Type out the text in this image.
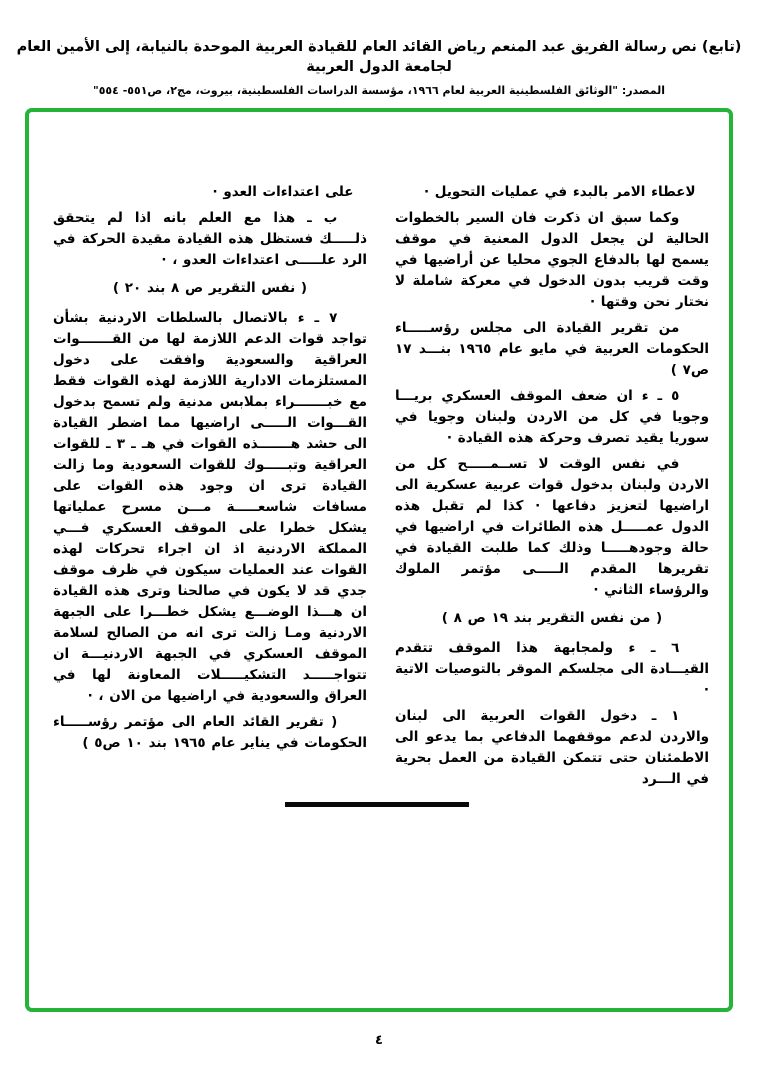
(تابع) نص رسالة الفريق عبد المنعم رياض القائد العام للقيادة العربية الموحدة بالنيابة، إلى الأمين العام لجامعة الدول العربية
المصدر: "الوثائق الفلسطينية العربية لعام ١٩٦٦، مؤسسة الدراسات الفلسطينية، بيروت، مج٢، ص٥٥١- ٥٥٤"

لاعطاء الامر بالبدء في عمليات التحويل ·

وكما سبق ان ذكرت فان السير بالخطوات الحالية لن يجعل الدول المعنية في موقف يسمح لها بالدفاع الجوي محليا عن أراضيها في وقت قريب بدون الدخول في معركة شاملة لا نختار نحن وقتها ·

من تقرير القيادة الى مجلس رؤســـــاء الحكومات العربية في مايو عام ١٩٦٥ بنـــد ١٧ ص٧ )

٥ ـ ء ان ضعف الموقف العسكري بريـــا وجويا في كل من الاردن ولبنان وجويا في سوريا يقيد تصرف وحركة هذه القيادة ·

في نفس الوقت لا تســمـــــح كل من الاردن ولبنان بدخول قوات عربية عسكرية الى اراضيها لتعزيز دفاعها · كذا لم تقبل هذه الدول عمـــــل هذه الطائرات في اراضيها في حالة وجودهـــــا وذلك كما طلبت القيادة في تقريرها المقدم الـــــى مؤتمر الملوك والرؤساء الثاني ·

( من نفس التقرير بند ١٩ ص ٨ )

٦ ـ ء ولمجابهة هذا الموقف تتقدم القيـــادة الى مجلسكم الموقر بالتوصيات الاتية ·

١ ـ دخول القوات العربية الى لبنان والاردن لدعم موقفهما الدفاعي بما يدعو الى الاطمئنان حتى تتمكن القيادة من العمل بحرية في الـــرد

على اعتداءات العدو ·

ب ـ هذا مع العلم بانه اذا لم يتحقق ذلـــــك فستظل هذه القيادة مقيدة الحركة في الرد علـــــى اعتداءات العدو ، ·

( نفس التقرير ص ٨ بند ٢٠ )

٧ ـ ء بالاتصال بالسلطات الاردنية بشأن تواجد قوات الدعم اللازمة لها من القـــــــوات العراقية والسعودية وافقت على دخول المستلزمات الادارية اللازمة لهذه القوات فقط مع خبـــــــراء بملابس مدنية ولم تسمح بدخول القـــوات الـــــى اراضيها مما اضطر القيادة الى حشد هـــــــذه القوات في هـ ـ ٣ ـ للقوات العراقية وتبـــــوك للقوات السعودية وما زالت القيادة ترى ان وجود هذه القوات على مسافات شاسعـــــة مـــن مسرح عملياتها يشكل خطرا على الموقف العسكري فـــي المملكة الاردنية اذ ان اجراء تحركات لهذه القوات عند العمليات سيكون في ظرف موقف جدي قد لا يكون في صالحنا وترى هذه القيادة ان هـــذا الوضـــع يشكل خطـــرا على الجبهة الاردنية ومـا زالت ترى انه من الصالح لسلامة الموقف العسكري في الجبهة الاردنيـــة ان تتواجـــــد التشكيـــــلات المعاونة لها في العراق والسعودية في اراضيها من الان ، ·

( تقرير القائد العام الى مؤتمر رؤســـــاء الحكومات في يناير عام ١٩٦٥ بند ١٠ ص٥ )

٤
